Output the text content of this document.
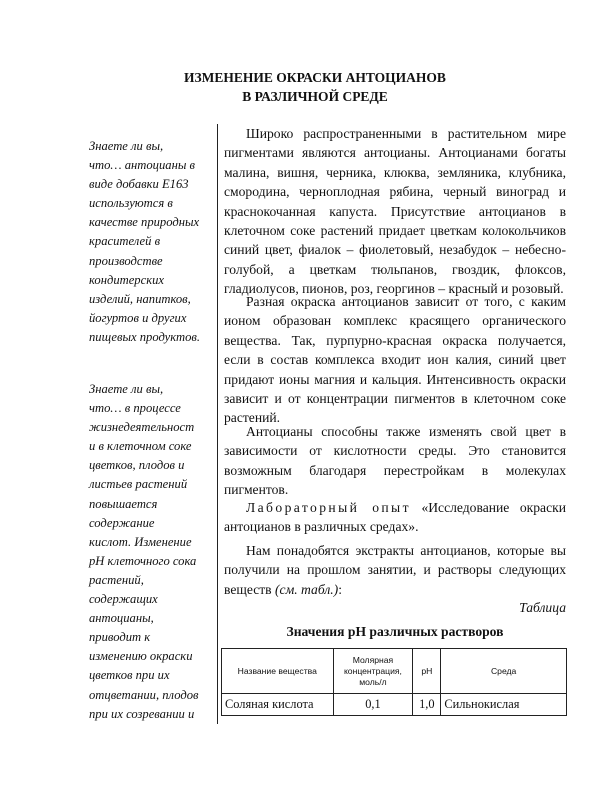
ИЗМЕНЕНИЕ ОКРАСКИ АНТОЦИАНОВ
В РАЗЛИЧНОЙ СРЕДЕ
Знаете ли вы,
что… антоцианы в
виде добавки Е163
используются в
качестве природных
красителей в
производстве
кондитерских
изделий, напитков,
йогуртов и других
пищевых продуктов.
Знаете ли вы,
что… в процессе
жизнедеятельност
и в клеточном соке
цветков, плодов и
листьев растений
повышается
содержание
кислот. Изменение
pH клеточного сока
растений,
содержащих
антоцианы,
приводит к
изменению окраски
цветков при их
отцветании, плодов
при их созревании и

Широко распространенными в растительном мире пигментами являются антоцианы. Антоцианами богаты малина, вишня, черника, клюква, земляника, клубника, смородина, черноплодная рябина, черный виноград и краснокочанная капуста. Присутствие антоцианов в клеточном соке растений придает цветкам колокольчиков синий цвет, фиалок – фиолетовый, незабудок – небесно-голубой, а цветкам тюльпанов, гвоздик, флоксов, гладиолусов, пионов, роз, георгинов – красный и розовый.

Разная окраска антоцианов зависит от того, с каким ионом образован комплекс красящего органического вещества. Так, пурпурно-красная окраска получается, если в состав комплекса входит ион калия, синий цвет придают ионы магния и кальция. Интенсивность окраски зависит и от концентрации пигментов в клеточном соке растений.

Антоцианы способны также изменять свой цвет в зависимости от кислотности среды. Это становится возможным благодаря перестройкам в молекулах пигментов.

Лабораторный опыт «Исследование окраски антоцианов в различных средах».

Нам понадобятся экстракты антоцианов, которые вы получили на прошлом занятии, и растворы следующих веществ (см. табл.):

Таблица
Значения pH различных растворов
Название вещества	Молярная концентрация, моль/л	pH	Среда
Соляная кислота	0,1	1,0	Сильнокислая
